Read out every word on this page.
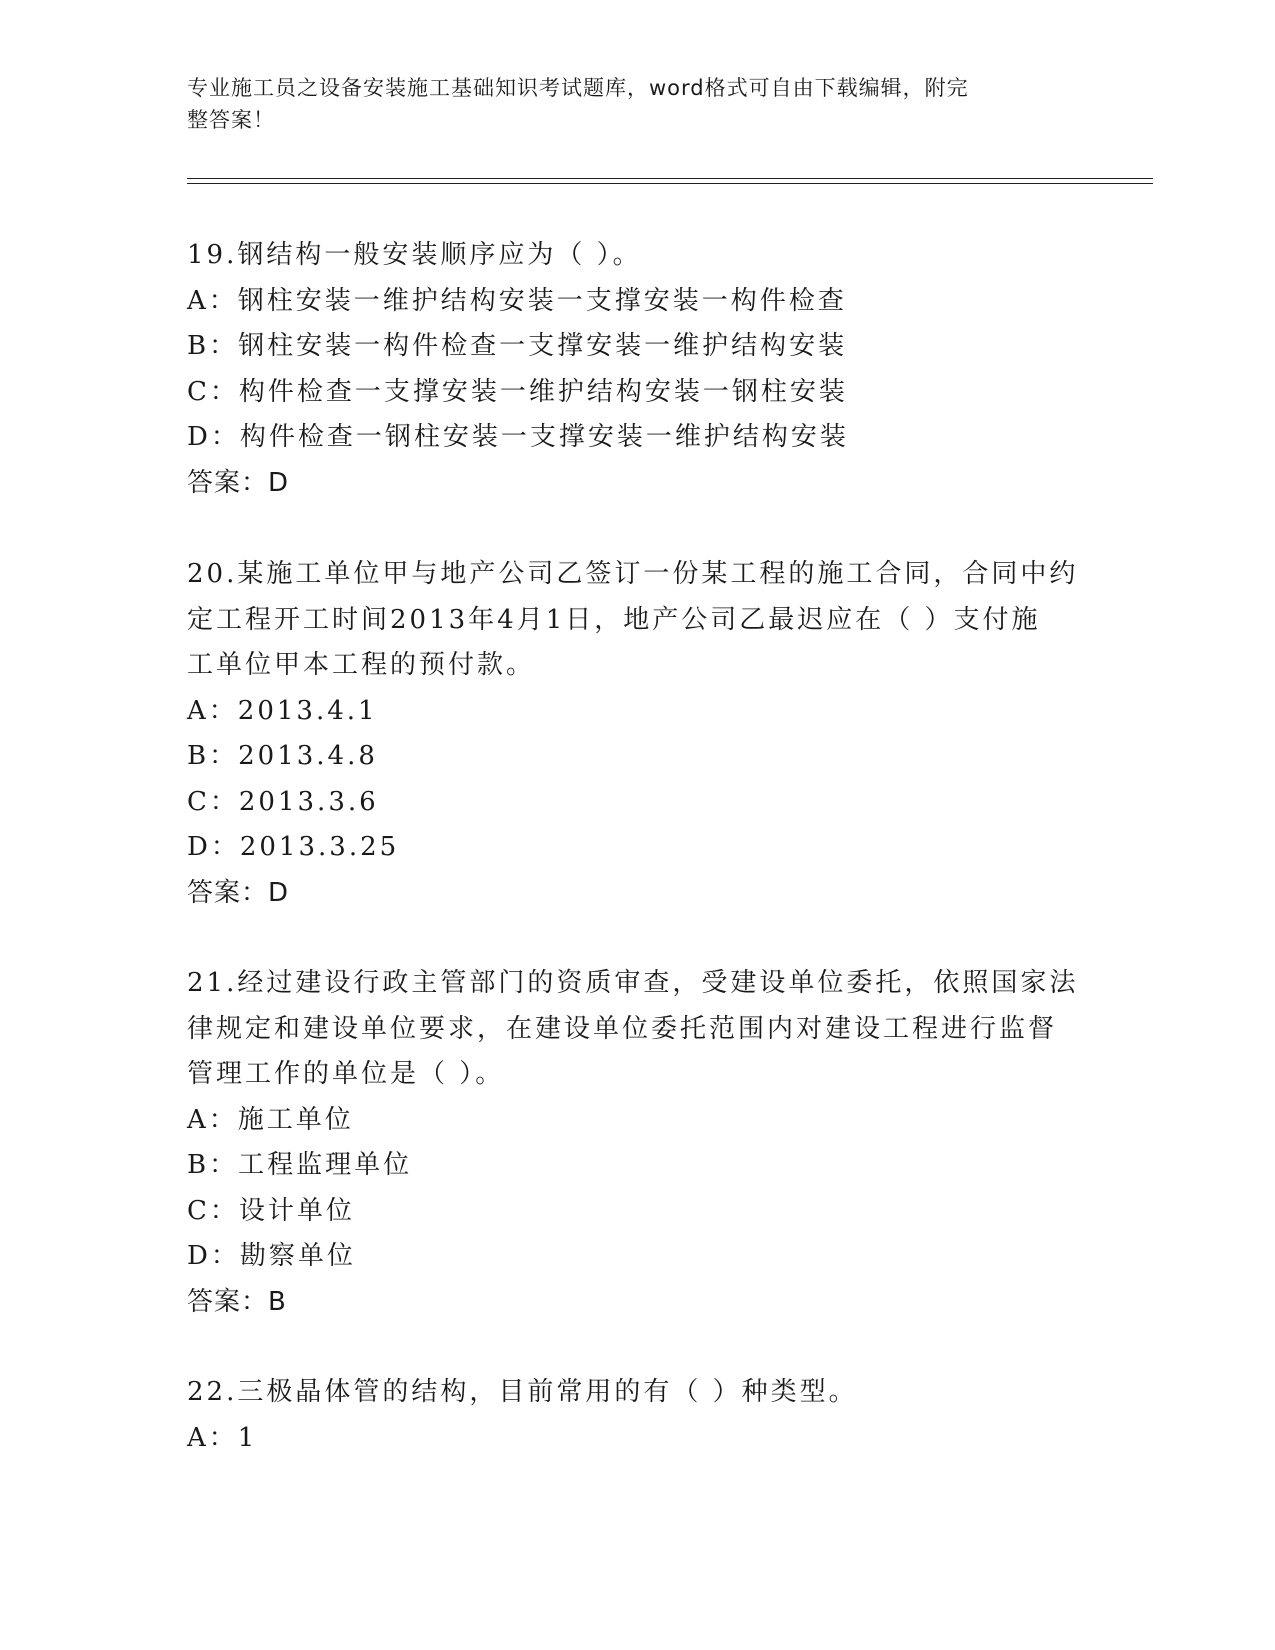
专业施工员之设备安装施工基础知识考试题库，word格式可自由下载编辑，附完
整答案！
19.钢结构一般安装顺序应为（ ）。
A：钢柱安装一维护结构安装一支撑安装一构件检查
B：钢柱安装一构件检查一支撑安装一维护结构安装
C：构件检查一支撑安装一维护结构安装一钢柱安装
D：构件检查一钢柱安装一支撑安装一维护结构安装
答案：D
20.某施工单位甲与地产公司乙签订一份某工程的施工合同，合同中约
定工程开工时间2013年4月1日，地产公司乙最迟应在（ ）支付施
工单位甲本工程的预付款。
A：2013.4.1
B：2013.4.8
C：2013.3.6
D：2013.3.25
答案：D
21.经过建设行政主管部门的资质审查，受建设单位委托，依照国家法
律规定和建设单位要求，在建设单位委托范围内对建设工程进行监督
管理工作的单位是（ ）。
A：施工单位
B：工程监理单位
C：设计单位
D：勘察单位
答案：B
22.三极晶体管的结构，目前常用的有（ ）种类型。
A：1
